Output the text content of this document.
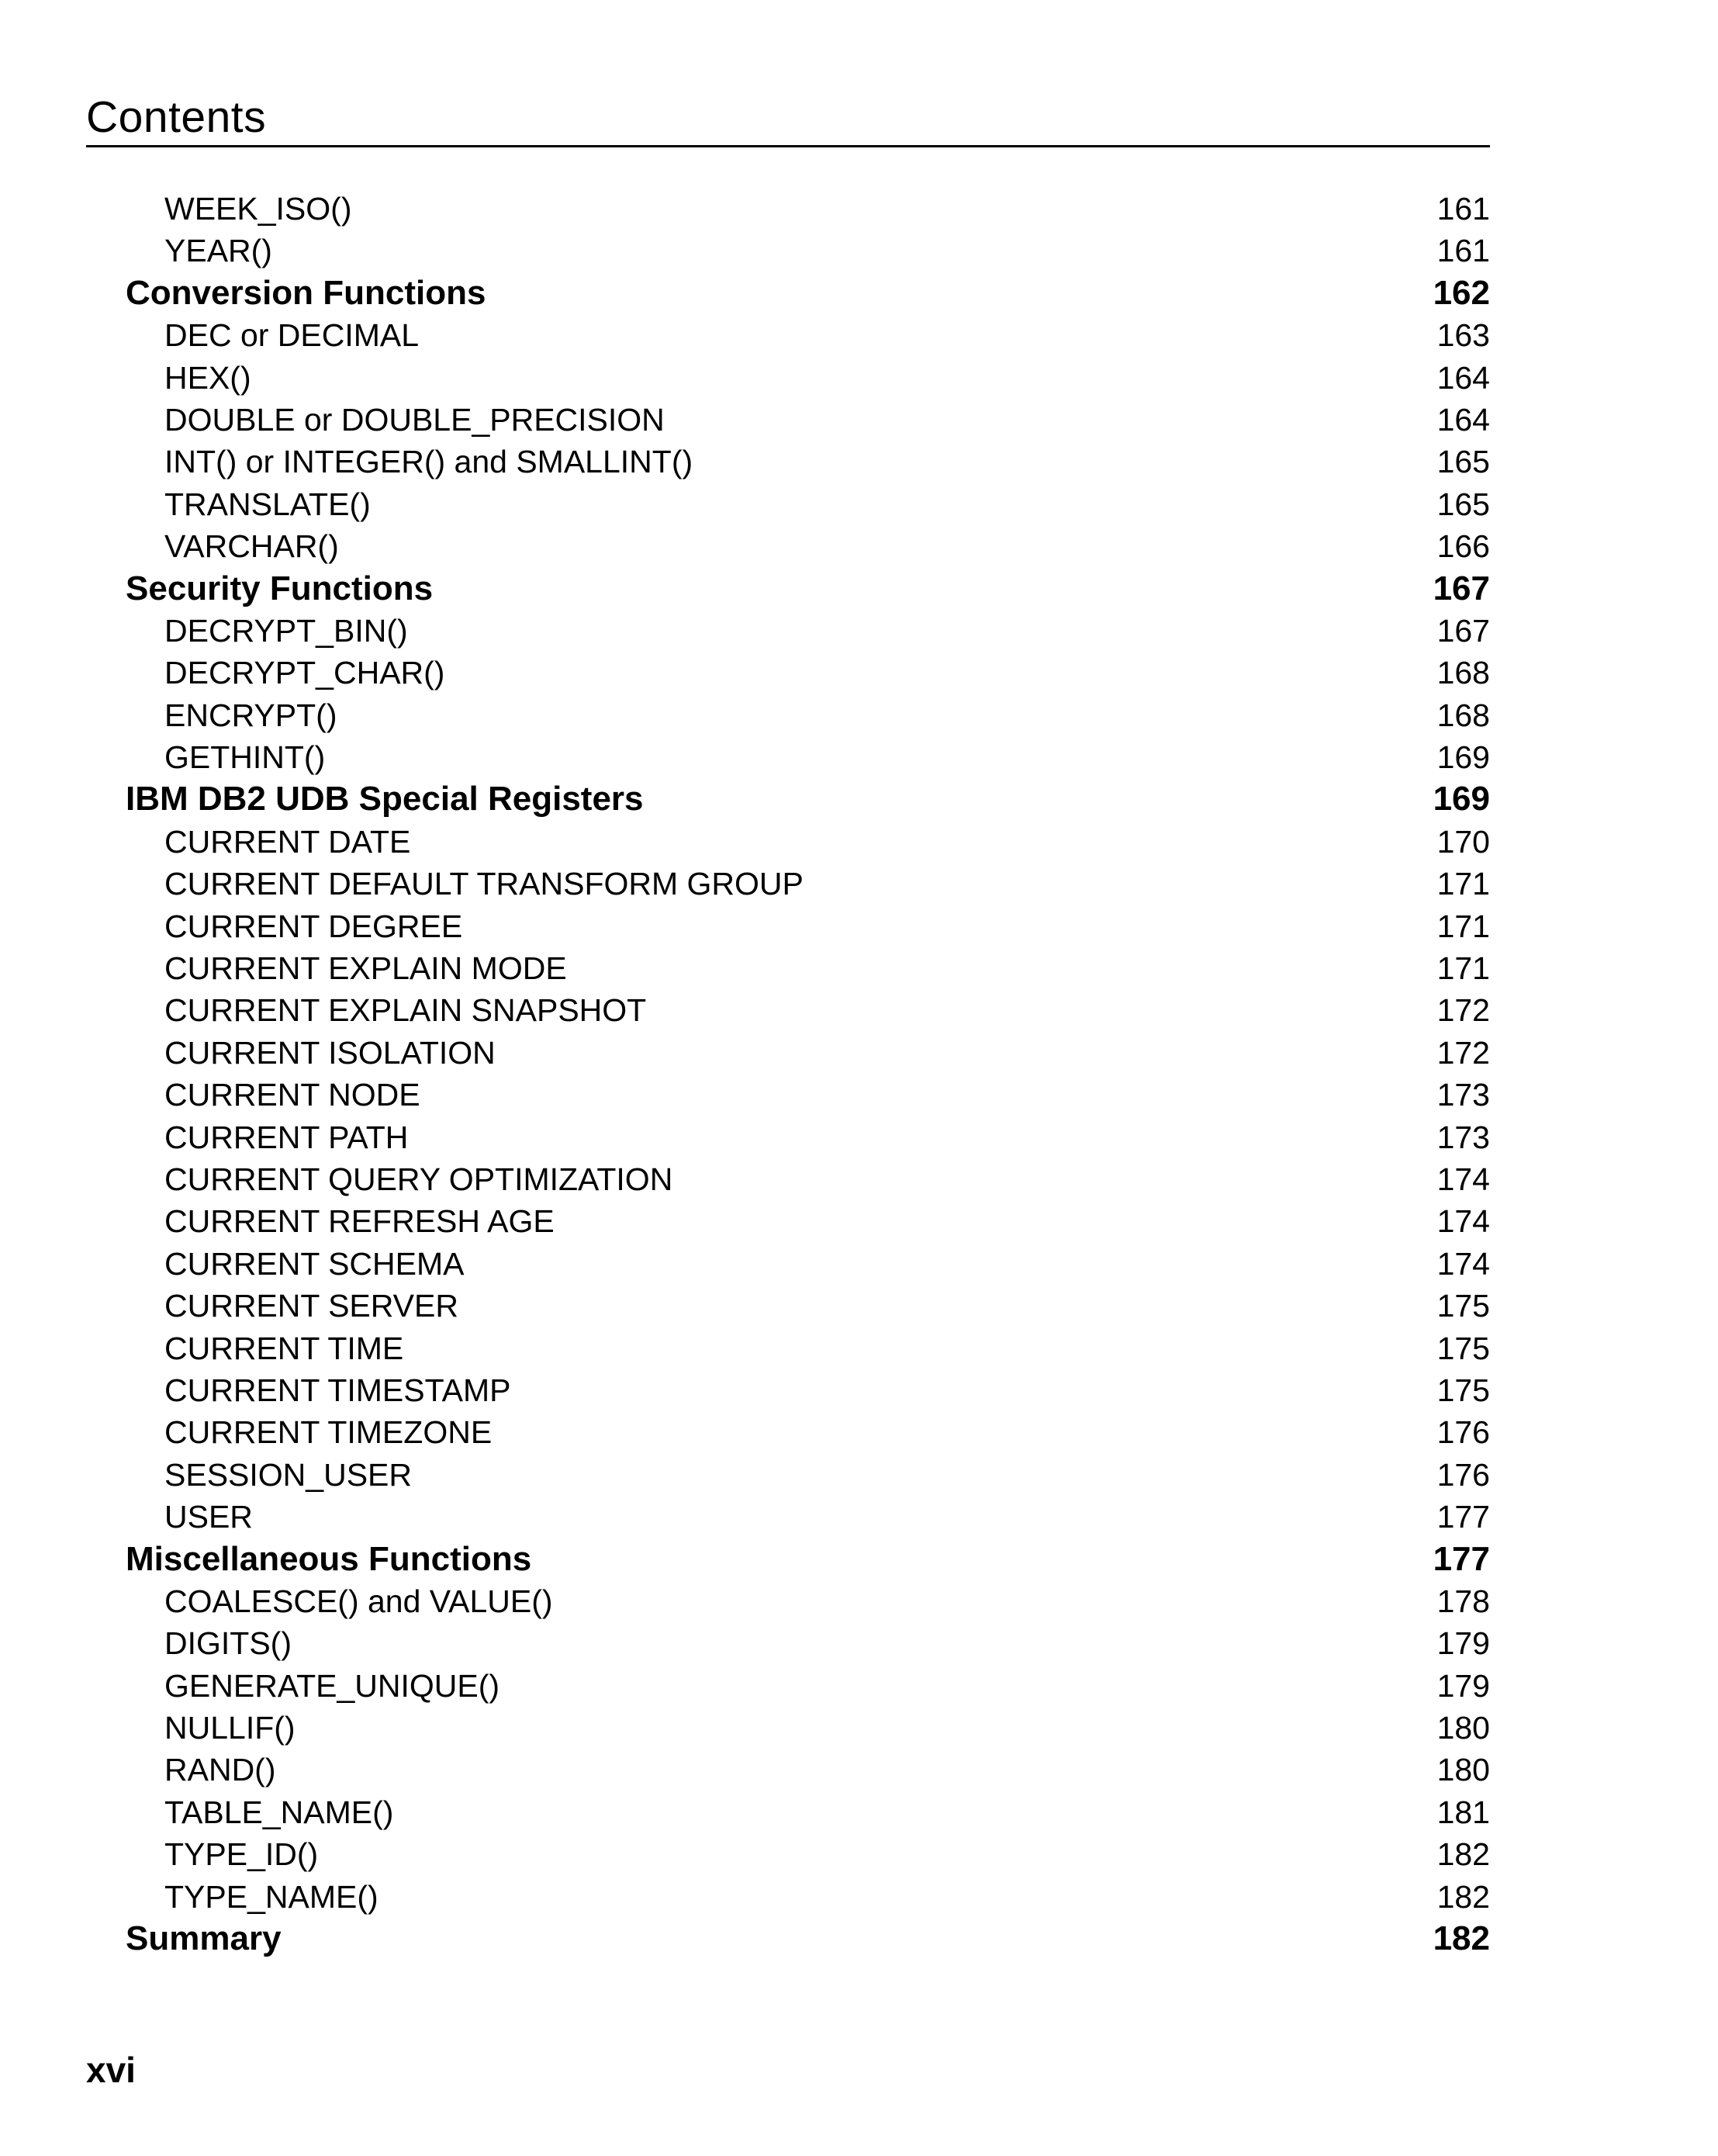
Contents
WEEK_ISO()	161
YEAR()	161
Conversion Functions	162
DEC or DECIMAL	163
HEX()	164
DOUBLE or DOUBLE_PRECISION	164
INT() or INTEGER() and SMALLINT()	165
TRANSLATE()	165
VARCHAR()	166
Security Functions	167
DECRYPT_BIN()	167
DECRYPT_CHAR()	168
ENCRYPT()	168
GETHINT()	169
IBM DB2 UDB Special Registers	169
CURRENT DATE	170
CURRENT DEFAULT TRANSFORM GROUP	171
CURRENT DEGREE	171
CURRENT EXPLAIN MODE	171
CURRENT EXPLAIN SNAPSHOT	172
CURRENT ISOLATION	172
CURRENT NODE	173
CURRENT PATH	173
CURRENT QUERY OPTIMIZATION	174
CURRENT REFRESH AGE	174
CURRENT SCHEMA	174
CURRENT SERVER	175
CURRENT TIME	175
CURRENT TIMESTAMP	175
CURRENT TIMEZONE	176
SESSION_USER	176
USER	177
Miscellaneous Functions	177
COALESCE() and VALUE()	178
DIGITS()	179
GENERATE_UNIQUE()	179
NULLIF()	180
RAND()	180
TABLE_NAME()	181
TYPE_ID()	182
TYPE_NAME()	182
Summary	182
xvi
